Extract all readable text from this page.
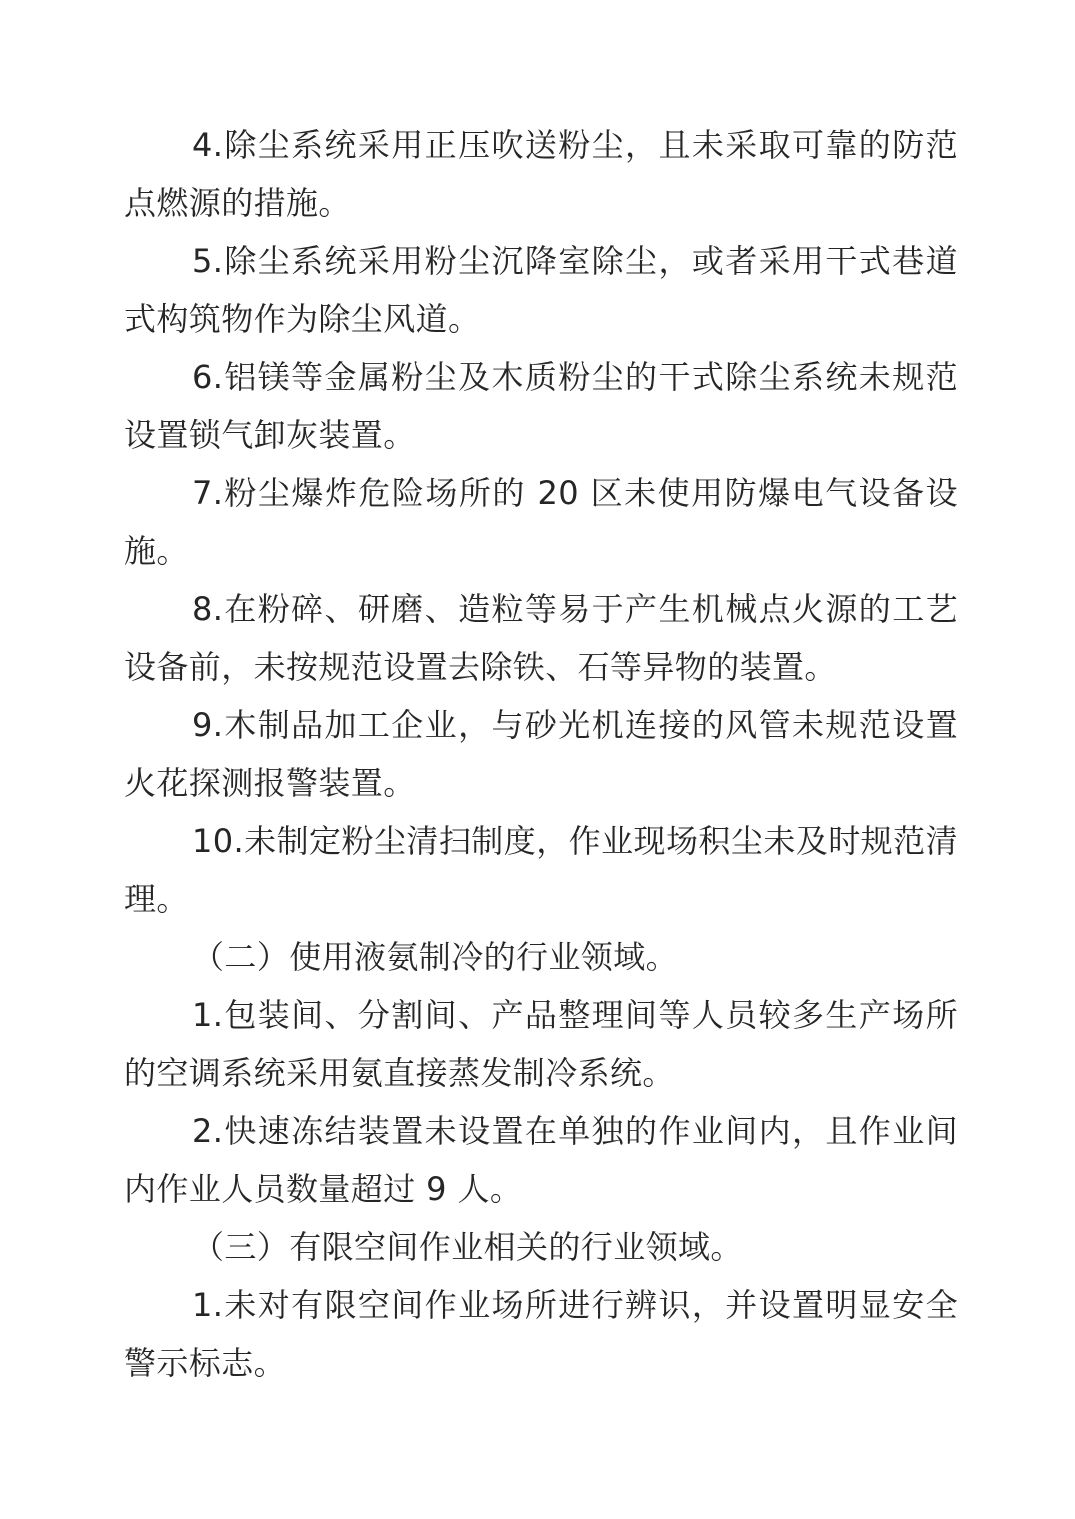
4.除尘系统采用正压吹送粉尘，且未采取可靠的防范点燃源的措施。

5.除尘系统采用粉尘沉降室除尘，或者采用干式巷道式构筑物作为除尘风道。

6.铝镁等金属粉尘及木质粉尘的干式除尘系统未规范设置锁气卸灰装置。

7.粉尘爆炸危险场所的 20 区未使用防爆电气设备设施。

8.在粉碎、研磨、造粒等易于产生机械点火源的工艺设备前，未按规范设置去除铁、石等异物的装置。

9.木制品加工企业，与砂光机连接的风管未规范设置火花探测报警装置。

10.未制定粉尘清扫制度，作业现场积尘未及时规范清理。

（二）使用液氨制冷的行业领域。

1.包装间、分割间、产品整理间等人员较多生产场所的空调系统采用氨直接蒸发制冷系统。

2.快速冻结装置未设置在单独的作业间内，且作业间内作业人员数量超过 9 人。

（三）有限空间作业相关的行业领域。

1.未对有限空间作业场所进行辨识，并设置明显安全警示标志。
